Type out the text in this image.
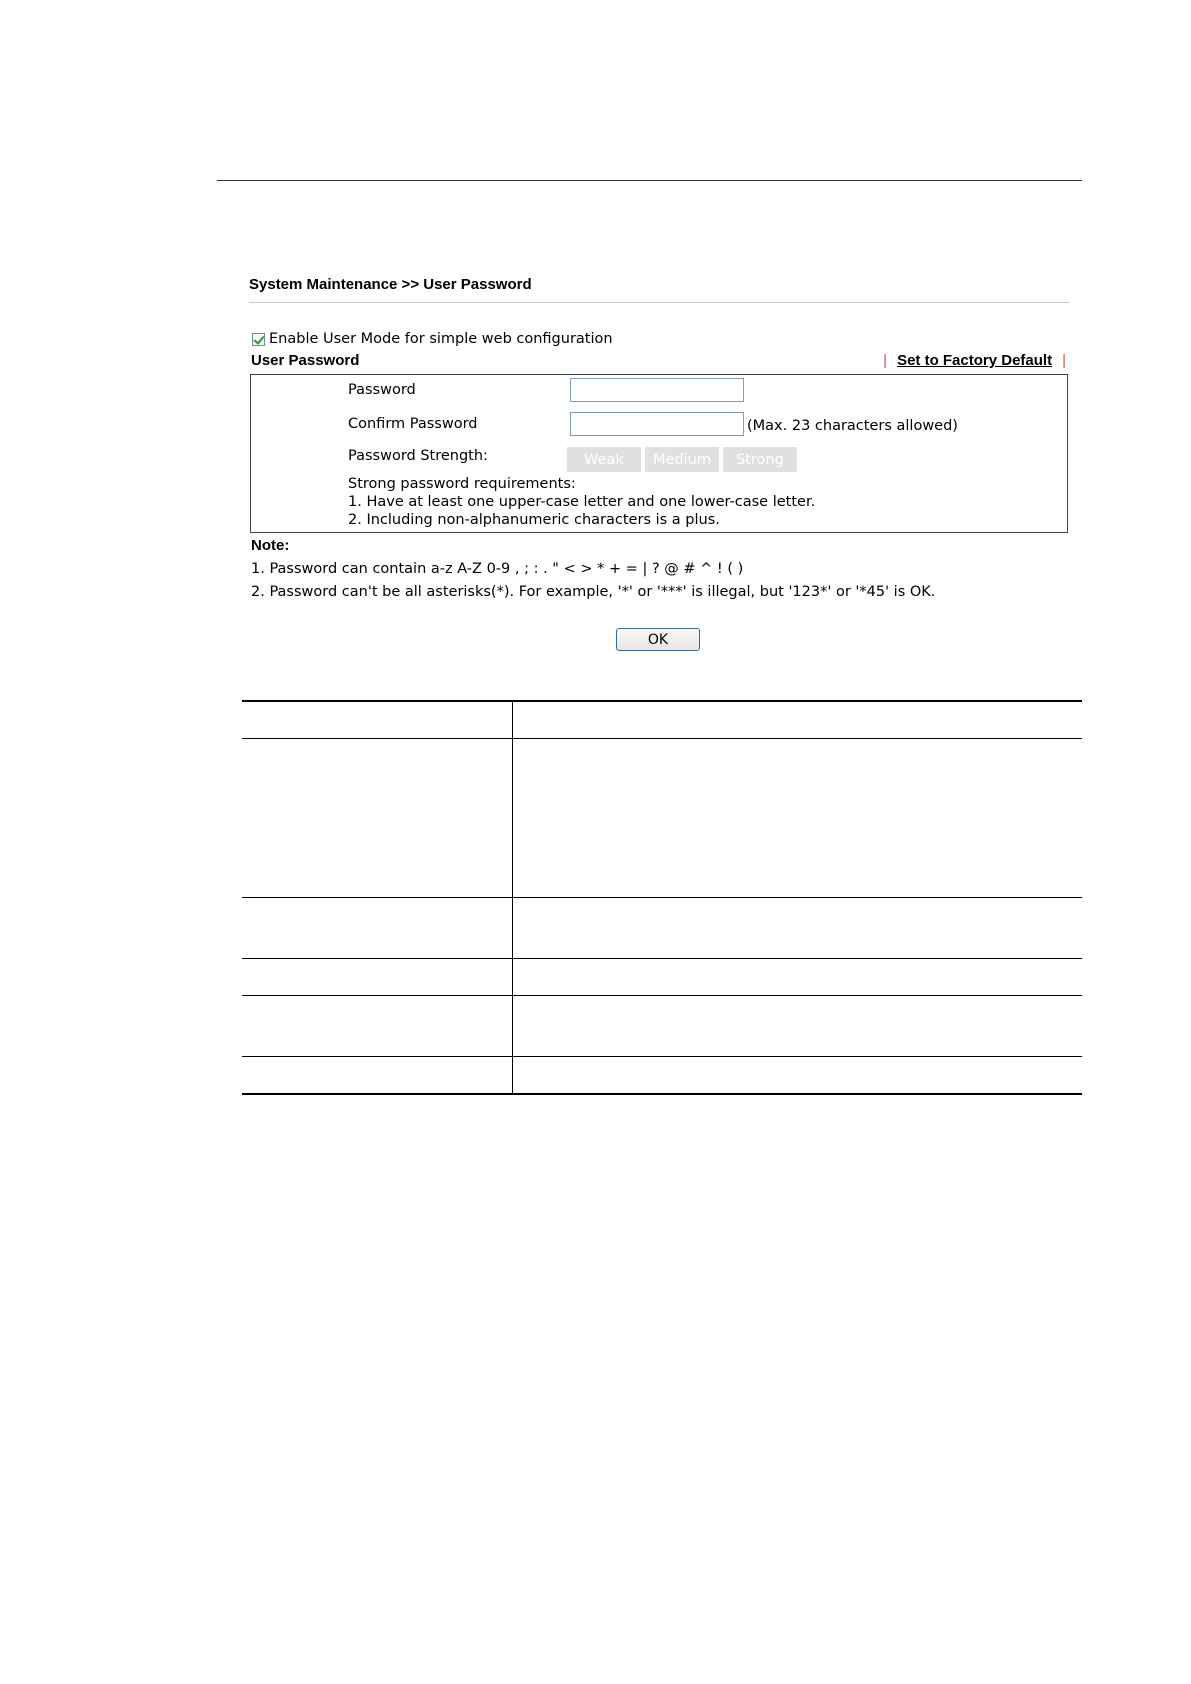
System Maintenance >> User Password
Enable User Mode for simple web configuration
User Password	| Set to Factory Default |
Password
Confirm Password	(Max. 23 characters allowed)
Password Strength:	Weak	Medium	Strong
Strong password requirements:
1. Have at least one upper-case letter and one lower-case letter.
2. Including non-alphanumeric characters is a plus.
Note:
1. Password can contain a-z A-Z 0-9 , ; : . " < > * + = | ? @ # ^ ! ( )
2. Password can't be all asterisks(*). For example, '*' or '***' is illegal, but '123*' or '*45' is OK.
OK
